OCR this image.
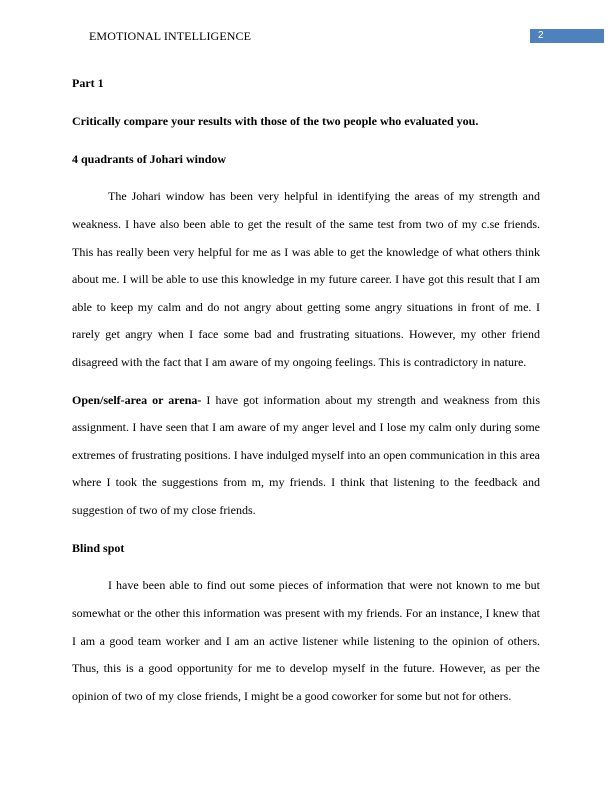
EMOTIONAL INTELLIGENCE	2
Part 1
Critically compare your results with those of the two people who evaluated you.
4 quadrants of Johari window

The Johari window has been very helpful in identifying the areas of my strength and weakness. I have also been able to get the result of the same test from two of my c.se friends. This has really been very helpful for me as I was able to get the knowledge of what others think about me. I will be able to use this knowledge in my future career. I have got this result that I am able to keep my calm and do not angry about getting some angry situations in front of me. I rarely get angry when I face some bad and frustrating situations. However, my other friend disagreed with the fact that I am aware of my ongoing feelings. This is contradictory in nature.

Open/self-area or arena- I have got information about my strength and weakness from this assignment. I have seen that I am aware of my anger level and I lose my calm only during some extremes of frustrating positions. I have indulged myself into an open communication in this area where I took the suggestions from m, my friends. I think that listening to the feedback and suggestion of two of my close friends.

Blind spot

I have been able to find out some pieces of information that were not known to me but somewhat or the other this information was present with my friends. For an instance, I knew that I am a good team worker and I am an active listener while listening to the opinion of others. Thus, this is a good opportunity for me to develop myself in the future. However, as per the opinion of two of my close friends, I might be a good coworker for some but not for others.
